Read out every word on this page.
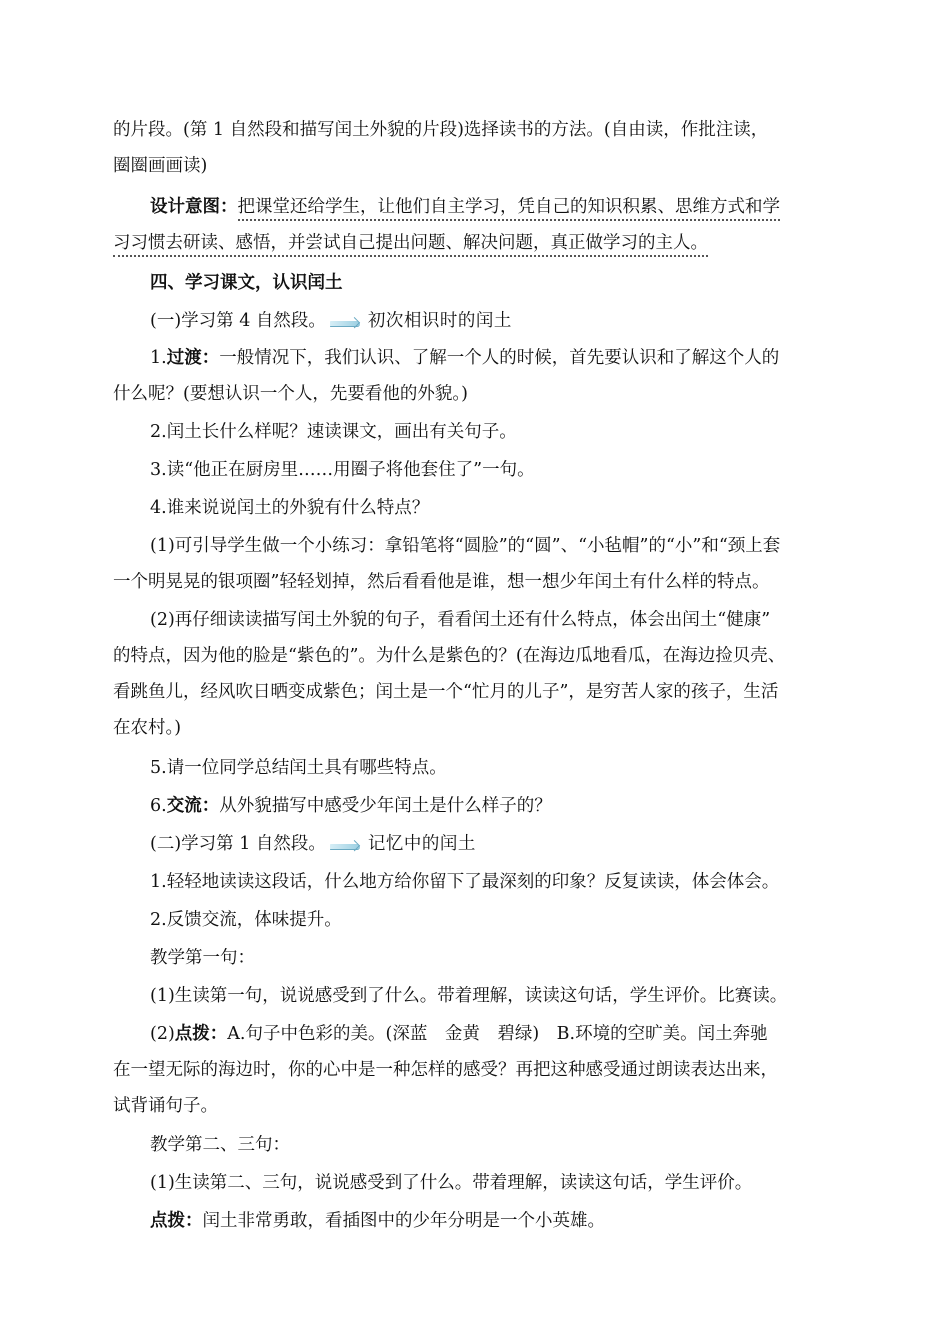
的片段。(第 1 自然段和描写闰土外貌的片段)选择读书的方法。(自由读，作批注读，
圈圈画画读)
设计意图：把课堂还给学生，让他们自主学习，凭自己的知识积累、思维方式和学
习习惯去研读、感悟，并尝试自己提出问题、解决问题，真正做学习的主人。
四、学习课文，认识闰土
(一)学习第 4 自然段。 初次相识时的闰土
1.过渡：一般情况下，我们认识、了解一个人的时候，首先要认识和了解这个人的
什么呢？(要想认识一个人，先要看他的外貌。)
2.闰土长什么样呢？速读课文，画出有关句子。
3.读“他正在厨房里……用圈子将他套住了”一句。
4.谁来说说闰土的外貌有什么特点？
(1)可引导学生做一个小练习：拿铅笔将“圆脸”的“圆”、“小毡帽”的“小”和“颈上套
一个明晃晃的银项圈”轻轻划掉，然后看看他是谁，想一想少年闰土有什么样的特点。
(2)再仔细读读描写闰土外貌的句子，看看闰土还有什么特点，体会出闰土“健康”
的特点，因为他的脸是“紫色的”。为什么是紫色的？(在海边瓜地看瓜，在海边捡贝壳、
看跳鱼儿，经风吹日晒变成紫色；闰土是一个“忙月的儿子”，是穷苦人家的孩子，生活
在农村。)
5.请一位同学总结闰土具有哪些特点。
6.交流：从外貌描写中感受少年闰土是什么样子的？
(二)学习第 1 自然段。 记忆中的闰土
1.轻轻地读读这段话，什么地方给你留下了最深刻的印象？反复读读，体会体会。
2.反馈交流，体味提升。
教学第一句：
(1)生读第一句，说说感受到了什么。带着理解，读读这句话，学生评价。比赛读。
(2)点拨：A.句子中色彩的美。(深蓝　金黄　碧绿)　B.环境的空旷美。闰土奔驰
在一望无际的海边时，你的心中是一种怎样的感受？再把这种感受通过朗读表达出来，
试背诵句子。
教学第二、三句：
(1)生读第二、三句，说说感受到了什么。带着理解，读读这句话，学生评价。
点拨：闰土非常勇敢，看插图中的少年分明是一个小英雄。
